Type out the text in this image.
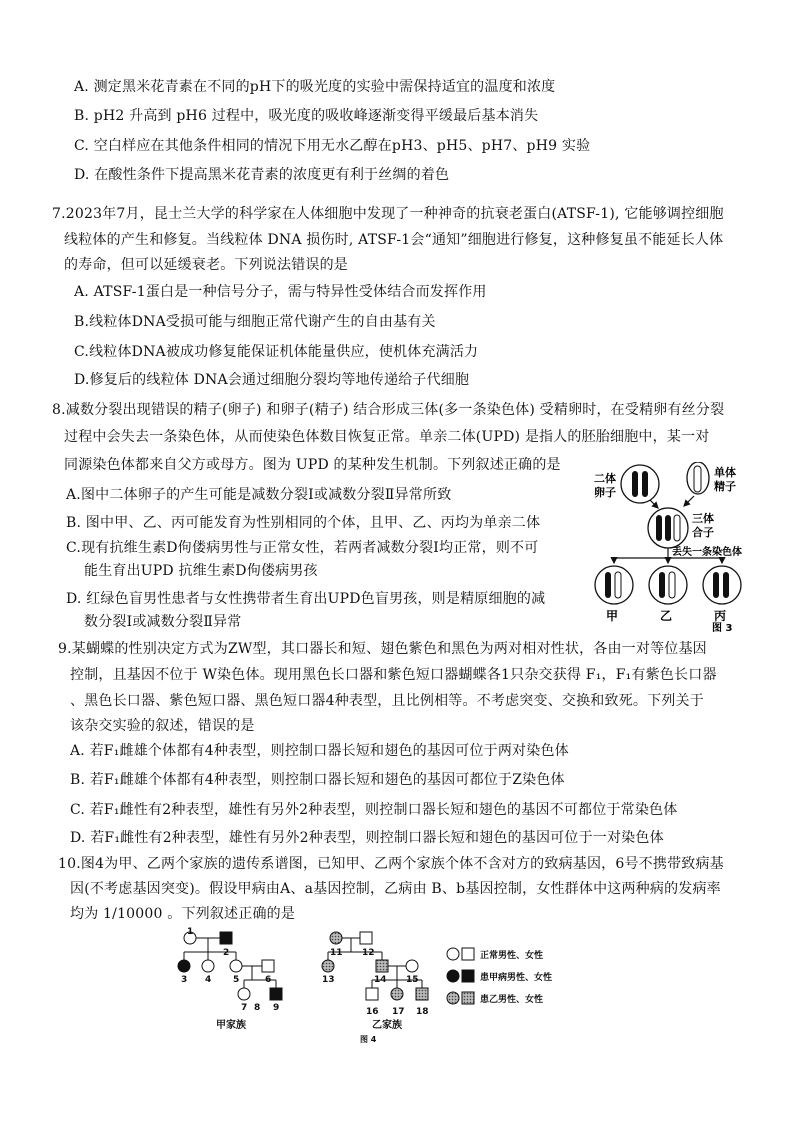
A. 测定黑米花青素在不同的pH下的吸光度的实验中需保持适宜的温度和浓度
B. pH2 升高到 pH6 过程中，吸光度的吸收峰逐渐变得平缓最后基本消失
C. 空白样应在其他条件相同的情况下用无水乙醇在pH3、pH5、pH7、pH9 实验
D. 在酸性条件下提高黑米花青素的浓度更有利于丝绸的着色
7.2023年7月，昆士兰大学的科学家在人体细胞中发现了一种神奇的抗衰老蛋白(ATSF-1), 它能够调控细胞
线粒体的产生和修复。当线粒体 DNA 损伤时, ATSF-1会“通知”细胞进行修复，这种修复虽不能延长人体
的寿命，但可以延缓衰老。下列说法错误的是
A. ATSF-1蛋白是一种信号分子，需与特异性受体结合而发挥作用
B.线粒体DNA受损可能与细胞正常代谢产生的自由基有关
C.线粒体DNA被成功修复能保证机体能量供应，使机体充满活力
D.修复后的线粒体 DNA会通过细胞分裂均等地传递给子代细胞
8.减数分裂出现错误的精子(卵子) 和卵子(精子) 结合形成三体(多一条染色体) 受精卵时，在受精卵有丝分裂
过程中会失去一条染色体，从而使染色体数目恢复正常。单亲二体(UPD) 是指人的胚胎细胞中，某一对
同源染色体都来自父方或母方。图为 UPD 的某种发生机制。下列叙述正确的是
A.图中二体卵子的产生可能是减数分裂Ⅰ或减数分裂Ⅱ异常所致
B. 图中甲、乙、丙可能发育为性别相同的个体，且甲、乙、丙均为单亲二体
C.现有抗维生素D佝偻病男性与正常女性，若两者减数分裂Ⅰ均正常，则不可
能生育出UPD 抗维生素D佝偻病男孩
D. 红绿色盲男性患者与女性携带者生育出UPD色盲男孩，则是精原细胞的减
数分裂Ⅰ或减数分裂Ⅱ异常
二体
卵子
单体
精子
三体
合子
丢失一条染色体
甲	乙	丙
图 3
9.某蝴蝶的性别决定方式为ZW型，其口器长和短、翅色紫色和黑色为两对相对性状，各由一对等位基因
控制，且基因不位于 W染色体。现用黑色长口器和紫色短口器蝴蝶各1只杂交获得 F₁，F₁有紫色长口器
、黑色长口器、紫色短口器、黑色短口器4种表型，且比例相等。不考虑突变、交换和致死。下列关于
该杂交实验的叙述，错误的是
A. 若F₁雌雄个体都有4种表型，则控制口器长短和翅色的基因可位于两对染色体
B. 若F₁雌雄个体都有4种表型，则控制口器长短和翅色的基因可都位于Z染色体
C. 若F₁雌性有2种表型，雄性有另外2种表型，则控制口器长短和翅色的基因不可都位于常染色体
D. 若F₁雌性有2种表型，雄性有另外2种表型，则控制口器长短和翅色的基因可位于一对染色体
10.图4为甲、乙两个家族的遗传系谱图，已知甲、乙两个家族个体不含对方的致病基因，6号不携带致病基
因(不考虑基因突变)。假设甲病由A、a基因控制，乙病由 B、b基因控制，女性群体中这两种病的发病率
均为 1/10000 。下列叙述正确的是
1
2
3 4 5	6
7 8 9
11 12
13	14 15
16 17 18
甲家族	乙家族
图 4
正常男性、女性
患甲病男性、女性
患乙男性、女性
